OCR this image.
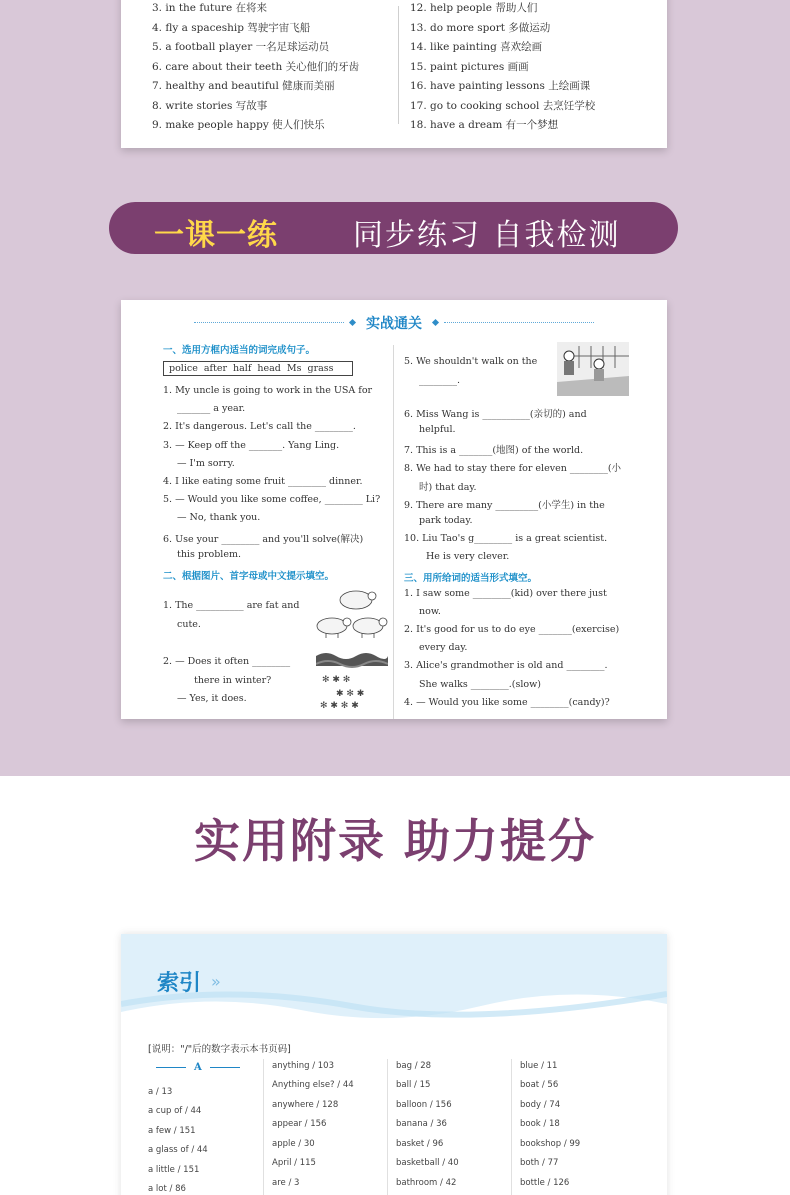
3. in the future 在将来
4. fly a spaceship 驾驶宇宙飞船
5. a football player 一名足球运动员
6. care about their teeth 关心他们的牙齿
7. healthy and beautiful 健康而美丽
8. write stories 写故事
9. make people happy 使人们快乐
12. help people 帮助人们
13. do more sport 多做运动
14. like painting 喜欢绘画
15. paint pictures 画画
16. have painting lessons 上绘画课
17. go to cooking school 去烹饪学校
18. have a dream 有一个梦想
一课一练	同步练习 自我检测
实战通关
一、选用方框内适当的词完成句子。
police after half head Ms grass
1. My uncle is going to work in the USA for
_______ a year.
2. It's dangerous. Let's call the ________.
3. — Keep off the _______. Yang Ling.
— I'm sorry.
4. I like eating some fruit ________ dinner.
5. — Would you like some coffee, ________ Li?
— No, thank you.
6. Use your ________ and you'll solve(解决)
this problem.
二、根据图片、首字母或中文提示填空。
1. The __________ are fat and
cute.
2. — Does it often ________
there in winter?
— Yes, it does.
✻ ✱ ✻
✱ ✻ ✱
✻ ✱ ✻ ✱
5. We shouldn't walk on the
________.
6. Miss Wang is __________(亲切的) and
helpful.
7. This is a _______(地图) of the world.
8. We had to stay there for eleven ________(小
时) that day.
9. There are many _________(小学生) in the
park today.
10. Liu Tao's g________ is a great scientist.
He is very clever.
三、用所给词的适当形式填空。
1. I saw some ________(kid) over there just
now.
2. It's good for us to do eye _______(exercise)
every day.
3. Alice's grandmother is old and ________.
She walks ________.(slow)
4. — Would you like some ________(candy)?
实用附录 助力提分
索引 »
[说明："/"后的数字表示本书页码]
A
a / 13
a cup of / 44
a few / 151
a glass of / 44
a little / 151
a lot / 86
anything / 103
Anything else? / 44
anywhere / 128
appear / 156
apple / 30
April / 115
are / 3
bag / 28
ball / 15
balloon / 156
banana / 36
basket / 96
basketball / 40
bathroom / 42
blue / 11
boat / 56
body / 74
book / 18
bookshop / 99
both / 77
bottle / 126
